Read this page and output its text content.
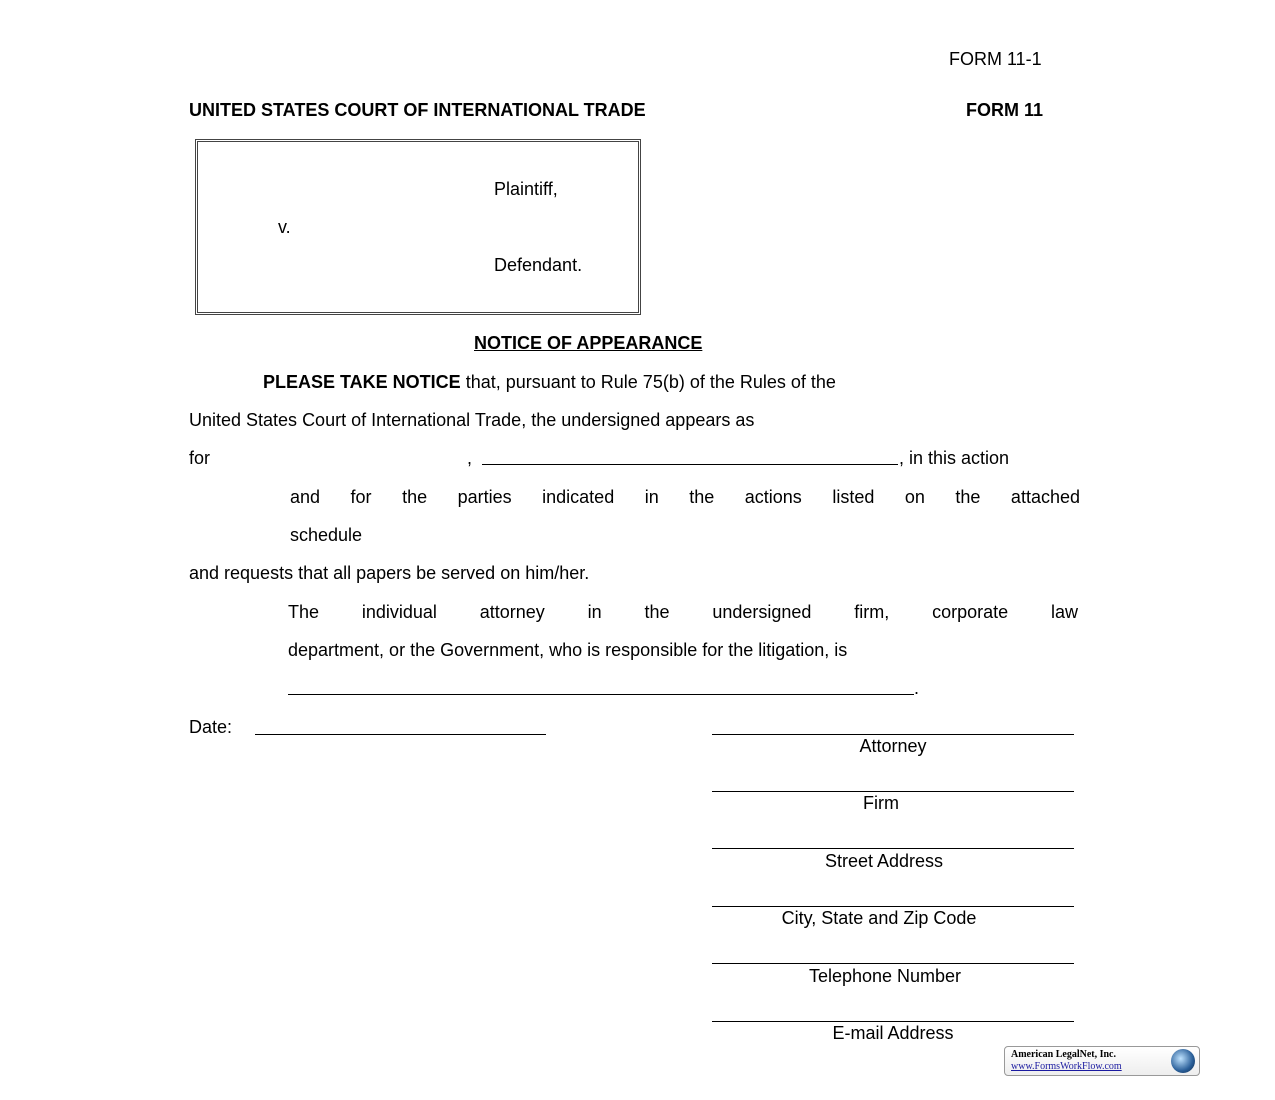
FORM 11-1
UNITED STATES COURT OF INTERNATIONAL TRADE	FORM 11
Plaintiff,
v.
Defendant.
NOTICE OF APPEARANCE
PLEASE TAKE NOTICE that, pursuant to Rule 75(b) of the Rules of the
United States Court of International Trade, the undersigned appears as
for	,	, in this action
and for the parties indicated in the actions listed on the attached
schedule
and requests that all papers be served on him/her.
The individual attorney in the undersigned firm, corporate law
department, or the Government, who is responsible for the litigation, is
.
Date:
Attorney
Firm
Street Address
City, State and Zip Code
Telephone Number
E-mail Address
American LegalNet, Inc.
www.FormsWorkFlow.com
